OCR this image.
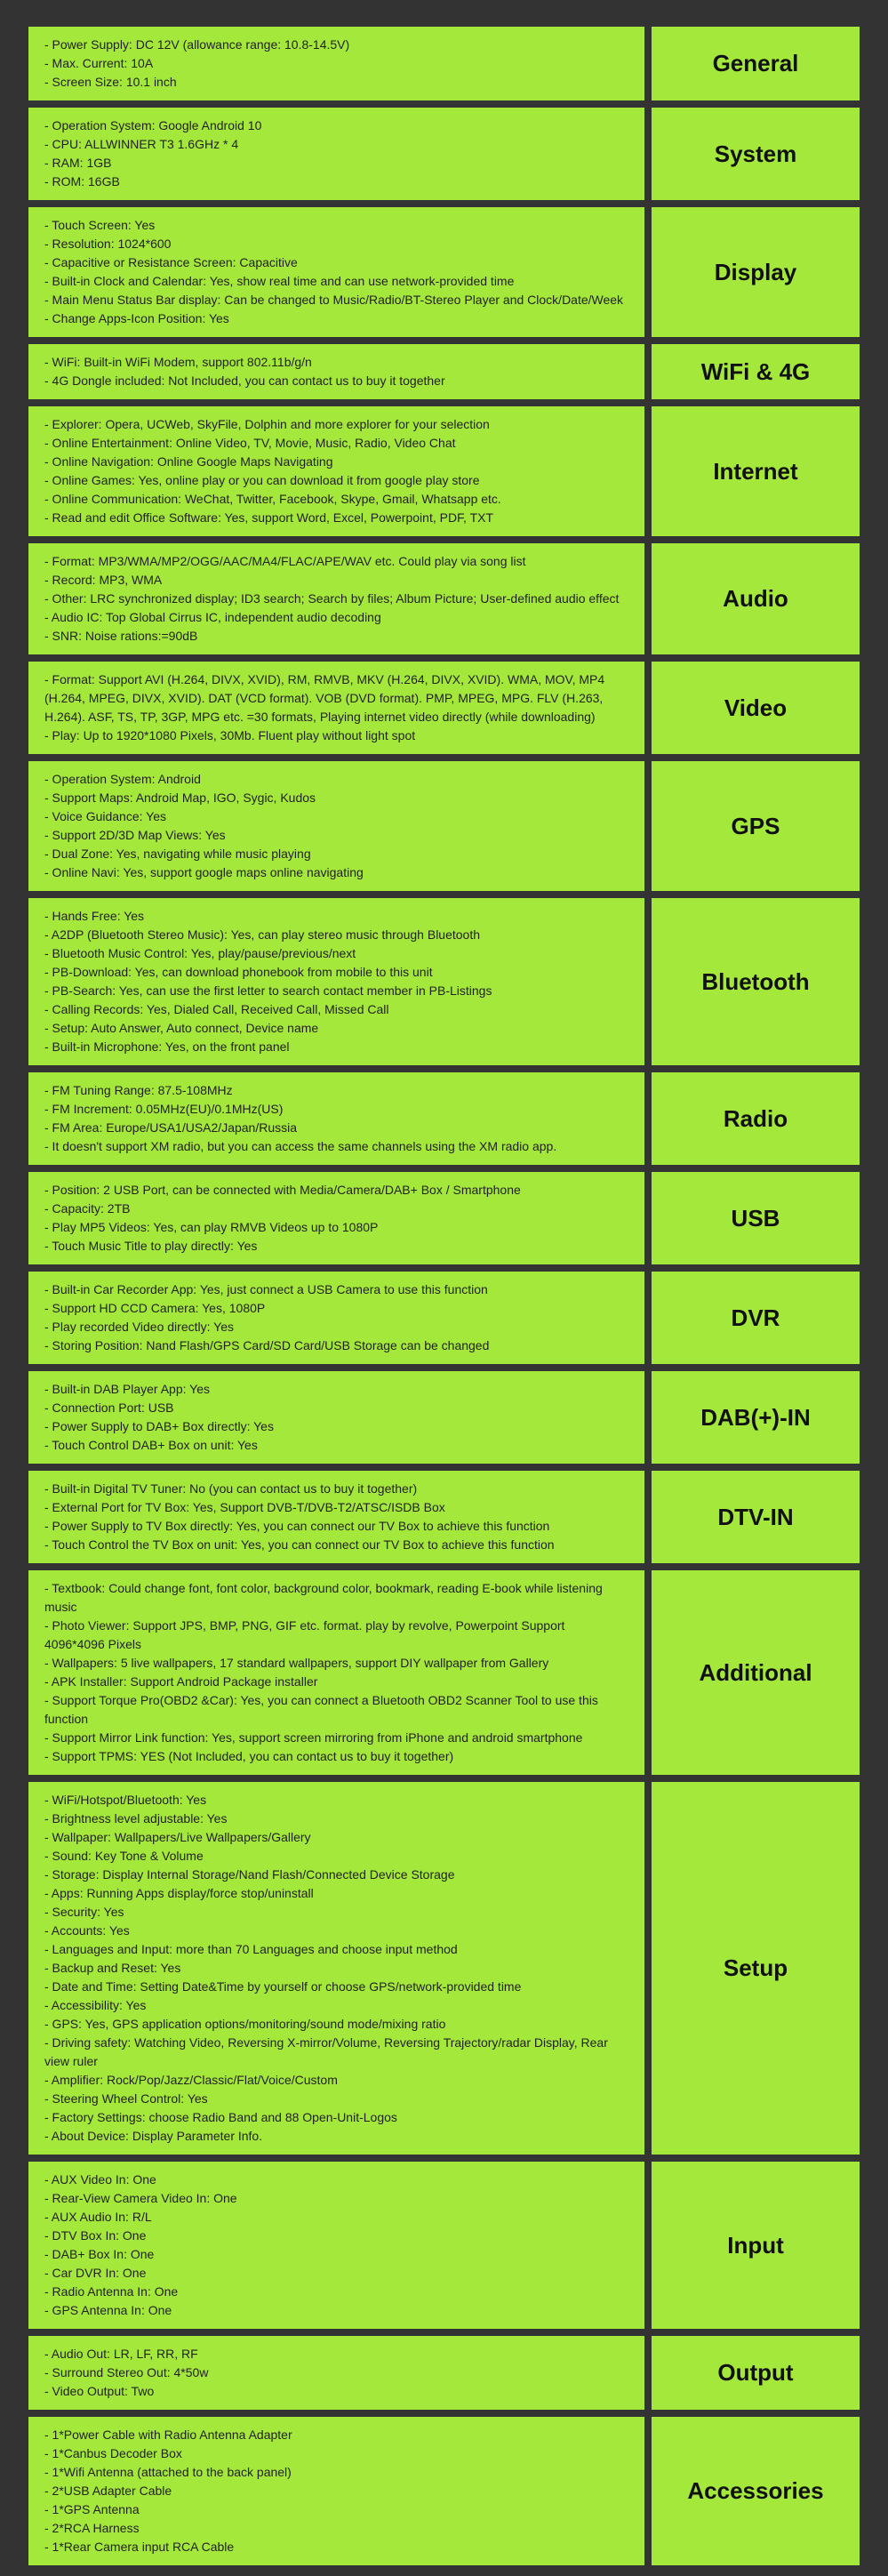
- Power Supply: DC 12V (allowance range: 10.8-14.5V)
- Max. Current: 10A
- Screen Size: 10.1 inch
General
- Operation System: Google Android 10
- CPU: ALLWINNER T3 1.6GHz * 4
- RAM: 1GB
- ROM: 16GB
System
- Touch Screen: Yes
- Resolution: 1024*600
- Capacitive or Resistance Screen: Capacitive
- Built-in Clock and Calendar: Yes, show real time and can use network-provided time
- Main Menu Status Bar display: Can be changed to Music/Radio/BT-Stereo Player and Clock/Date/Week
- Change Apps-Icon Position: Yes
Display
- WiFi: Built-in WiFi Modem, support 802.11b/g/n
- 4G Dongle included: Not Included, you can contact us to buy it together	WiFi & 4G
- Explorer: Opera, UCWeb, SkyFile, Dolphin and more explorer for your selection
- Online Entertainment: Online Video, TV, Movie, Music, Radio, Video Chat
- Online Navigation: Online Google Maps Navigating
- Online Games: Yes, online play or you can download it from google play store
- Online Communication: WeChat, Twitter, Facebook, Skype, Gmail, Whatsapp etc.
- Read and edit Office Software: Yes, support Word, Excel, Powerpoint, PDF, TXT
Internet
- Format: MP3/WMA/MP2/OGG/AAC/MA4/FLAC/APE/WAV etc. Could play via song list
- Record: MP3, WMA
- Other: LRC synchronized display; ID3 search; Search by files; Album Picture; User-defined audio effect
- Audio IC: Top Global Cirrus IC, independent audio decoding
- SNR: Noise rations:=90dB
Audio
- Format: Support AVI (H.264, DIVX, XVID), RM, RMVB, MKV (H.264, DIVX, XVID). WMA, MOV, MP4 (H.264, MPEG, DIVX, XVID). DAT (VCD format). VOB (DVD format). PMP, MPEG, MPG. FLV (H.263, H.264). ASF, TS, TP, 3GP, MPG etc. =30 formats, Playing internet video directly (while downloading)
- Play: Up to 1920*1080 Pixels, 30Mb. Fluent play without light spot
Video
- Operation System: Android
- Support Maps: Android Map, IGO, Sygic, Kudos
- Voice Guidance: Yes
- Support 2D/3D Map Views: Yes
- Dual Zone: Yes, navigating while music playing
- Online Navi: Yes, support google maps online navigating
GPS
- Hands Free: Yes
- A2DP (Bluetooth Stereo Music): Yes, can play stereo music through Bluetooth
- Bluetooth Music Control: Yes, play/pause/previous/next
- PB-Download: Yes, can download phonebook from mobile to this unit
- PB-Search: Yes, can use the first letter to search contact member in PB-Listings
- Calling Records: Yes, Dialed Call, Received Call, Missed Call
- Setup: Auto Answer, Auto connect, Device name
- Built-in Microphone: Yes, on the front panel
Bluetooth
- FM Tuning Range: 87.5-108MHz
- FM Increment: 0.05MHz(EU)/0.1MHz(US)
- FM Area: Europe/USA1/USA2/Japan/Russia
- It doesn't support XM radio, but you can access the same channels using the XM radio app.
Radio
- Position: 2 USB Port, can be connected with Media/Camera/DAB+ Box / Smartphone
- Capacity: 2TB
- Play MP5 Videos: Yes, can play RMVB Videos up to 1080P
- Touch Music Title to play directly: Yes
USB
- Built-in Car Recorder App: Yes, just connect a USB Camera to use this function
- Support HD CCD Camera: Yes, 1080P
- Play recorded Video directly: Yes
- Storing Position: Nand Flash/GPS Card/SD Card/USB Storage can be changed
DVR
- Built-in DAB Player App: Yes
- Connection Port: USB
- Power Supply to DAB+ Box directly: Yes
- Touch Control DAB+ Box on unit: Yes
DAB(+)-IN
- Built-in Digital TV Tuner: No (you can contact us to buy it together)
- External Port for TV Box: Yes, Support DVB-T/DVB-T2/ATSC/ISDB Box
- Power Supply to TV Box directly: Yes, you can connect our TV Box to achieve this function
- Touch Control the TV Box on unit: Yes, you can connect our TV Box to achieve this function
DTV-IN
- Textbook: Could change font, font color, background color, bookmark, reading E-book while listening music
- Photo Viewer: Support JPS, BMP, PNG, GIF etc. format. play by revolve, Powerpoint Support 4096*4096 Pixels
- Wallpapers: 5 live wallpapers, 17 standard wallpapers, support DIY wallpaper from Gallery
- APK Installer: Support Android Package installer
- Support Torque Pro(OBD2 &Car): Yes, you can connect a Bluetooth OBD2 Scanner Tool to use this function
- Support Mirror Link function: Yes, support screen mirroring from iPhone and android smartphone
- Support TPMS: YES (Not Included, you can contact us to buy it together)
Additional
- WiFi/Hotspot/Bluetooth: Yes
- Brightness level adjustable: Yes
- Wallpaper: Wallpapers/Live Wallpapers/Gallery
- Sound: Key Tone & Volume
- Storage: Display Internal Storage/Nand Flash/Connected Device Storage
- Apps: Running Apps display/force stop/uninstall
- Security: Yes
- Accounts: Yes
- Languages and Input: more than 70 Languages and choose input method
- Backup and Reset: Yes
- Date and Time: Setting Date&Time by yourself or choose GPS/network-provided time
- Accessibility: Yes
- GPS: Yes, GPS application options/monitoring/sound mode/mixing ratio
- Driving safety: Watching Video, Reversing X-mirror/Volume, Reversing Trajectory/radar Display, Rear view ruler
- Amplifier: Rock/Pop/Jazz/Classic/Flat/Voice/Custom
- Steering Wheel Control: Yes
- Factory Settings: choose Radio Band and 88 Open-Unit-Logos
- About Device: Display Parameter Info.
Setup
- AUX Video In: One
- Rear-View Camera Video In: One
- AUX Audio In: R/L
- DTV Box In: One
- DAB+ Box In: One
- Car DVR In: One
- Radio Antenna In: One
- GPS Antenna In: One
Input
- Audio Out: LR, LF, RR, RF
- Surround Stereo Out: 4*50w
- Video Output: Two
Output
- 1*Power Cable with Radio Antenna Adapter
- 1*Canbus Decoder Box
- 1*Wifi Antenna (attached to the back panel)
- 2*USB Adapter Cable
- 1*GPS Antenna
- 2*RCA Harness
- 1*Rear Camera input RCA Cable
Accessories
